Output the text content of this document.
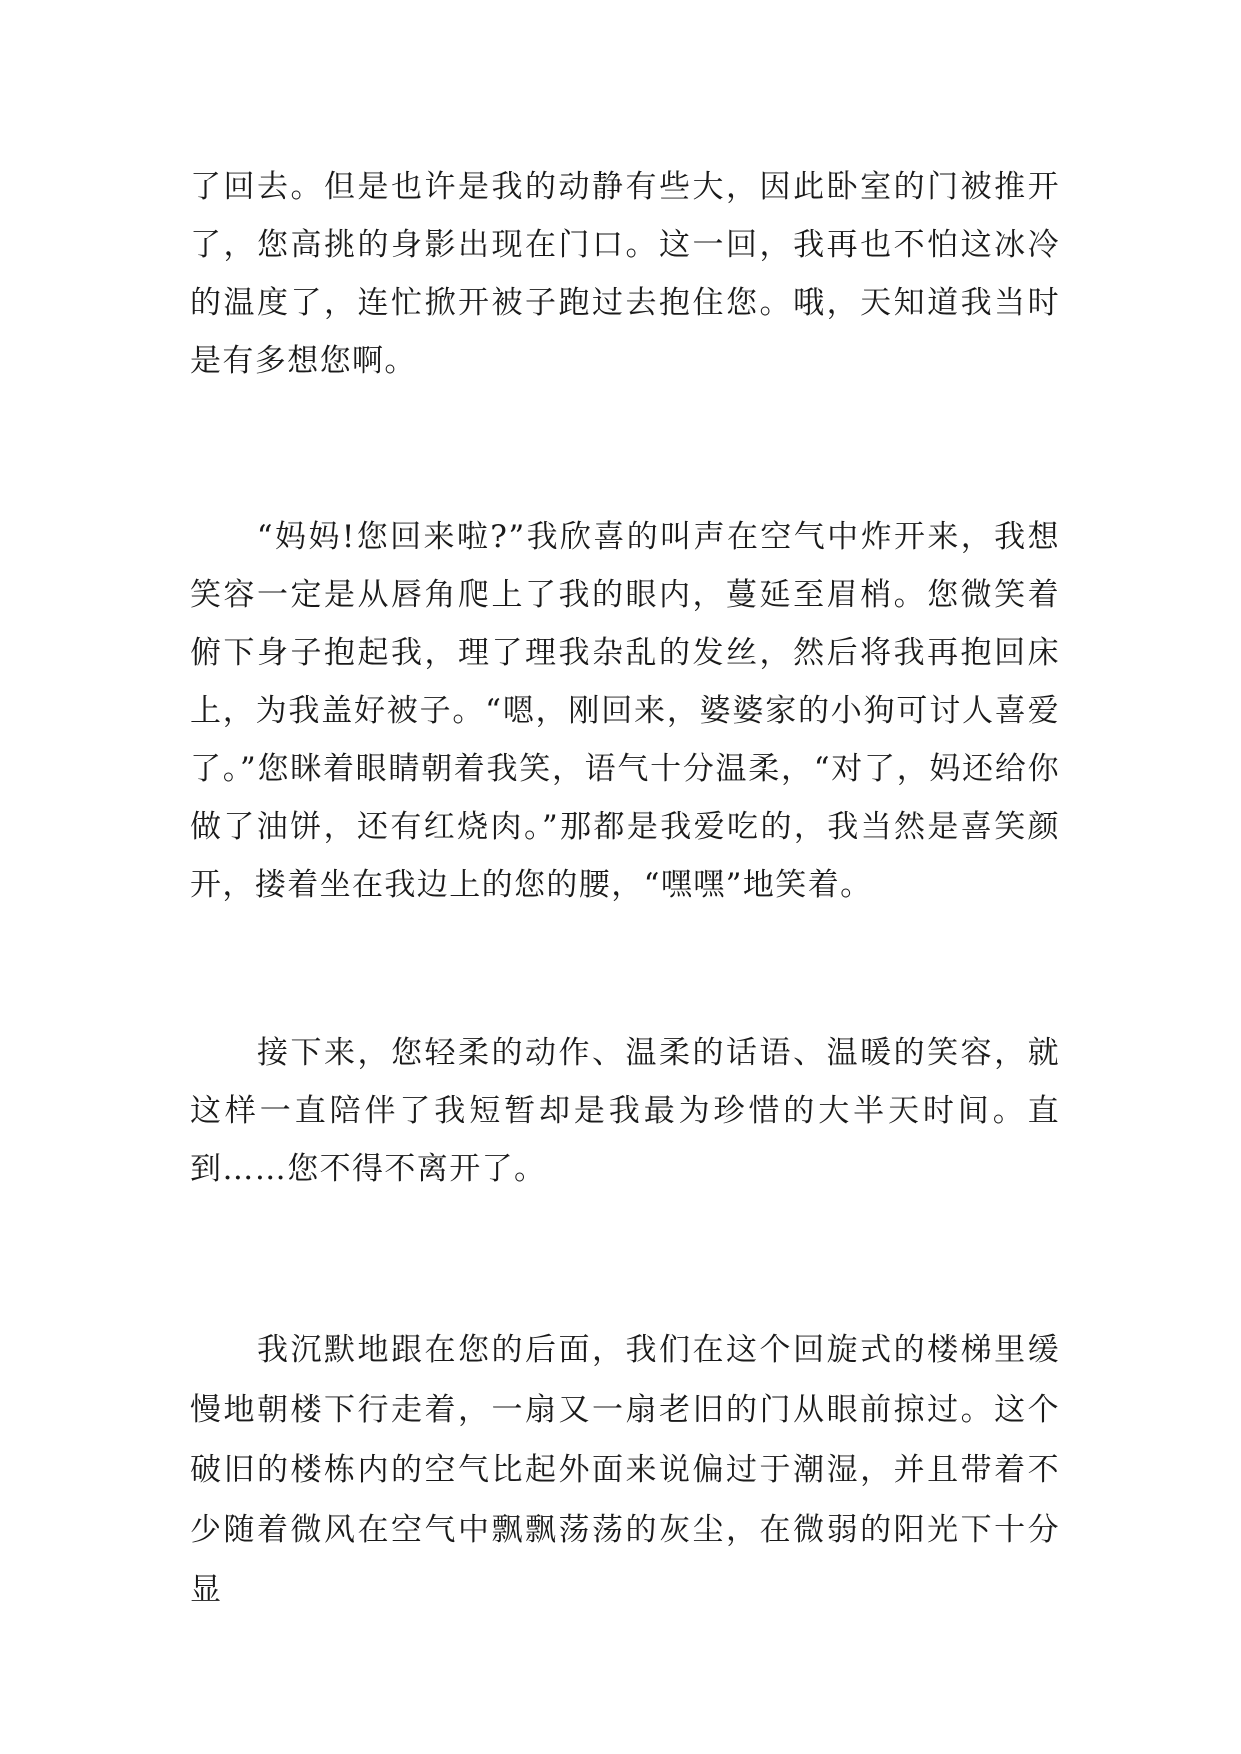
了回去。但是也许是我的动静有些大，因此卧室的门被推开了，您高挑的身影出现在门口。这一回，我再也不怕这冰冷的温度了，连忙掀开被子跑过去抱住您。哦，天知道我当时是有多想您啊。

　　“妈妈!您回来啦?”我欣喜的叫声在空气中炸开来，我想笑容一定是从唇角爬上了我的眼内，蔓延至眉梢。您微笑着俯下身子抱起我，理了理我杂乱的发丝，然后将我再抱回床上，为我盖好被子。“嗯，刚回来，婆婆家的小狗可讨人喜爱了。”您眯着眼睛朝着我笑，语气十分温柔，“对了，妈还给你做了油饼，还有红烧肉。”那都是我爱吃的，我当然是喜笑颜开，搂着坐在我边上的您的腰，“嘿嘿”地笑着。

　　接下来，您轻柔的动作、温柔的话语、温暖的笑容，就这样一直陪伴了我短暂却是我最为珍惜的大半天时间。直到……您不得不离开了。

　　我沉默地跟在您的后面，我们在这个回旋式的楼梯里缓慢地朝楼下行走着，一扇又一扇老旧的门从眼前掠过。这个破旧的楼栋内的空气比起外面来说偏过于潮湿，并且带着不少随着微风在空气中飘飘荡荡的灰尘，在微弱的阳光下十分显
